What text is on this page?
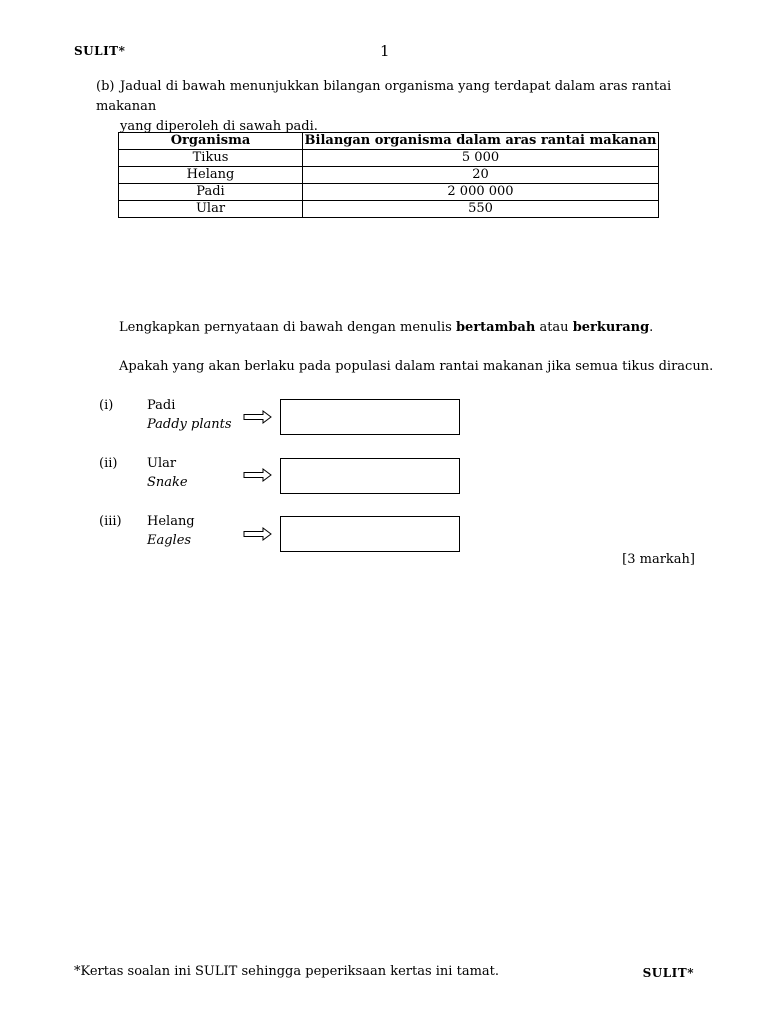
SULIT*	1
(b) Jadual di bawah menunjukkan bilangan organisma yang terdapat dalam aras rantai makanan
yang diperoleh di sawah padi.
Organisma	Bilangan organisma dalam aras rantai makanan
Tikus	5 000
Helang	20
Padi	2 000 000
Ular	550
Lengkapkan pernyataan di bawah dengan menulis bertambah atau berkurang.
Apakah yang akan berlaku pada populasi dalam rantai makanan jika semua tikus diracun.
(i)	Padi
Paddy plants
(ii) Ular
Snake
(iii) Helang
Eagles
[3 markah]
*Kertas soalan ini SULIT sehingga peperiksaan kertas ini tamat.	SULIT*
